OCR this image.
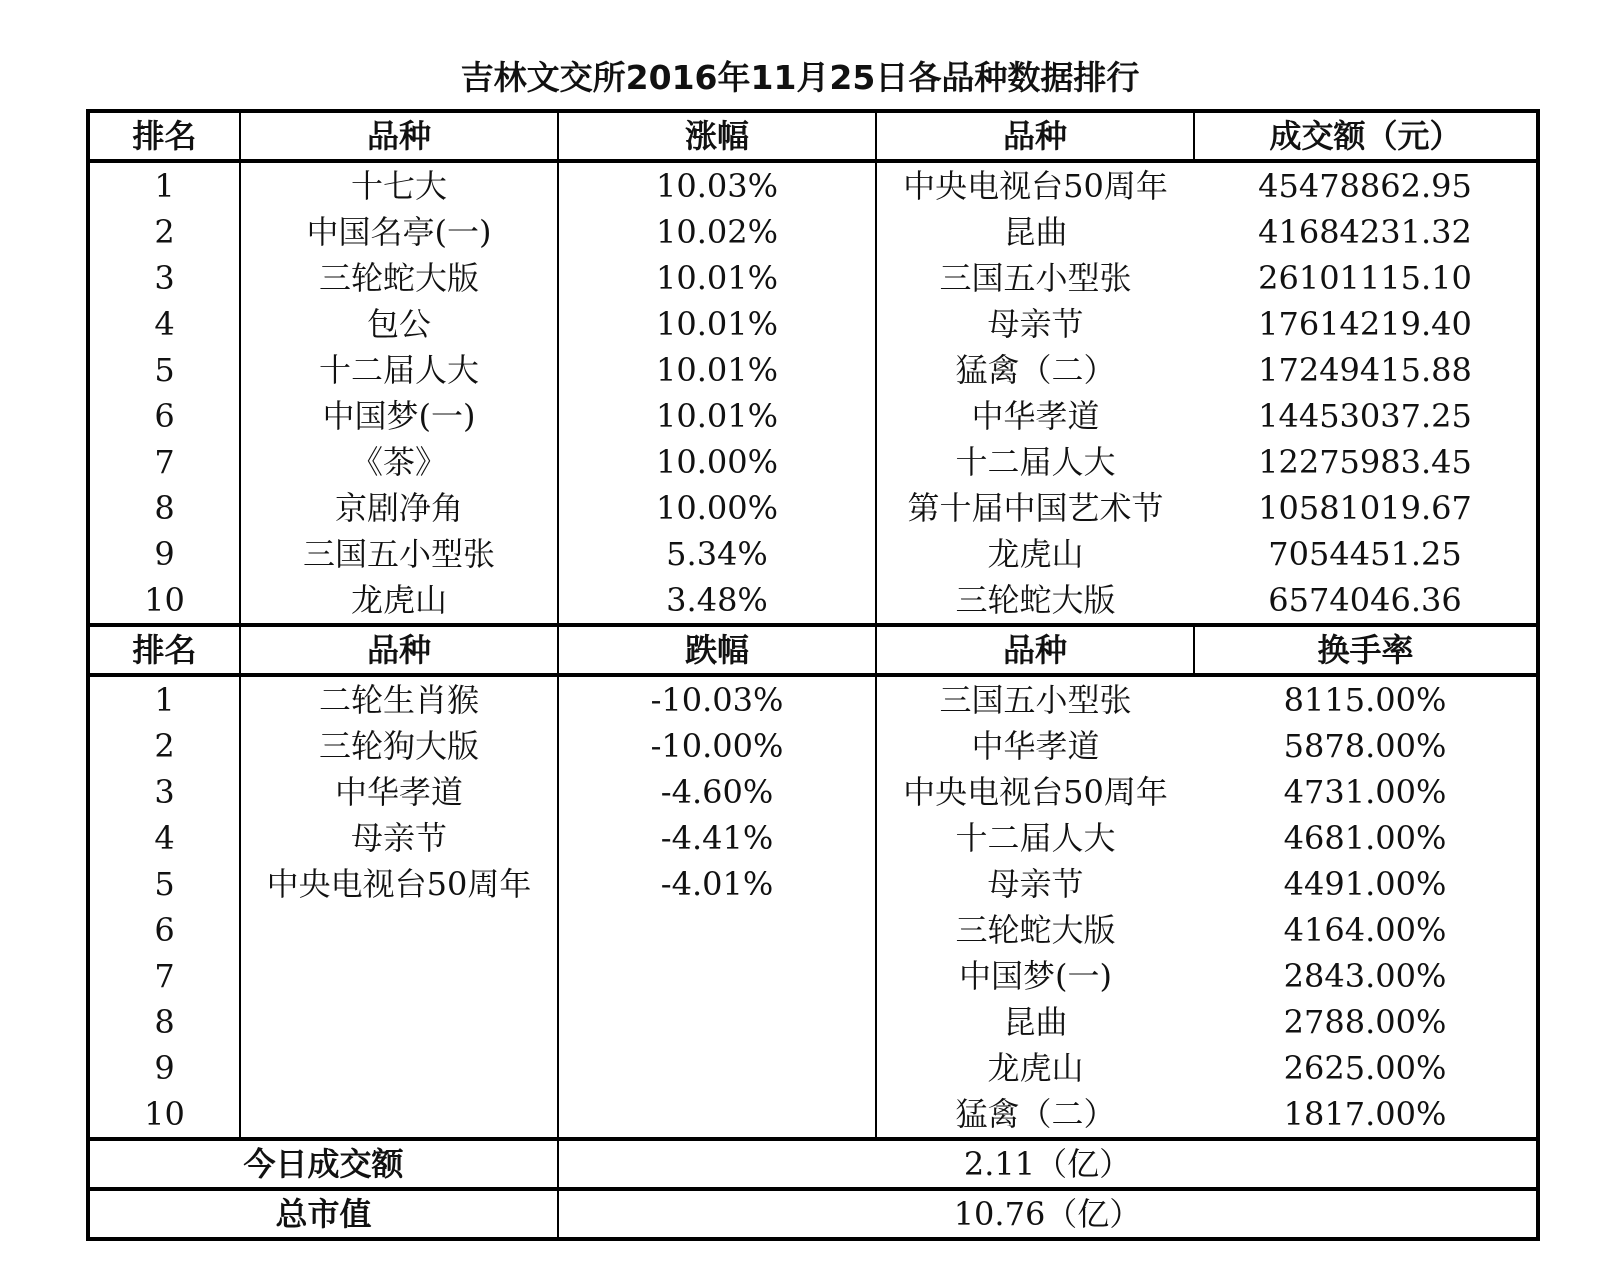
吉林文交所2016年11月25日各品种数据排行
排名	品种	涨幅	品种	成交额（元）
1	十七大	10.03%	中央电视台50周年	45478862.95
2	中国名亭(一)	10.02%	昆曲	41684231.32
3	三轮蛇大版	10.01%	三国五小型张	26101115.10
4	包公	10.01%	母亲节	17614219.40
5	十二届人大	10.01%	猛禽（二）	17249415.88
6	中国梦(一)	10.01%	中华孝道	14453037.25
7	《茶》	10.00%	十二届人大	12275983.45
8	京剧净角	10.00%	第十届中国艺术节	10581019.67
9	三国五小型张	5.34%	龙虎山	7054451.25
10	龙虎山	3.48%	三轮蛇大版	6574046.36
排名	品种	跌幅	品种	换手率
1	二轮生肖猴	-10.03%	三国五小型张	8115.00%
2	三轮狗大版	-10.00%	中华孝道	5878.00%
3	中华孝道	-4.60%	中央电视台50周年	4731.00%
4	母亲节	-4.41%	十二届人大	4681.00%
5	中央电视台50周年	-4.01%	母亲节	4491.00%
6			三轮蛇大版	4164.00%
7			中国梦(一)	2843.00%
8			昆曲	2788.00%
9			龙虎山	2625.00%
10			猛禽（二）	1817.00%
今日成交额		2.11（亿）		
总市值		10.76（亿）		
